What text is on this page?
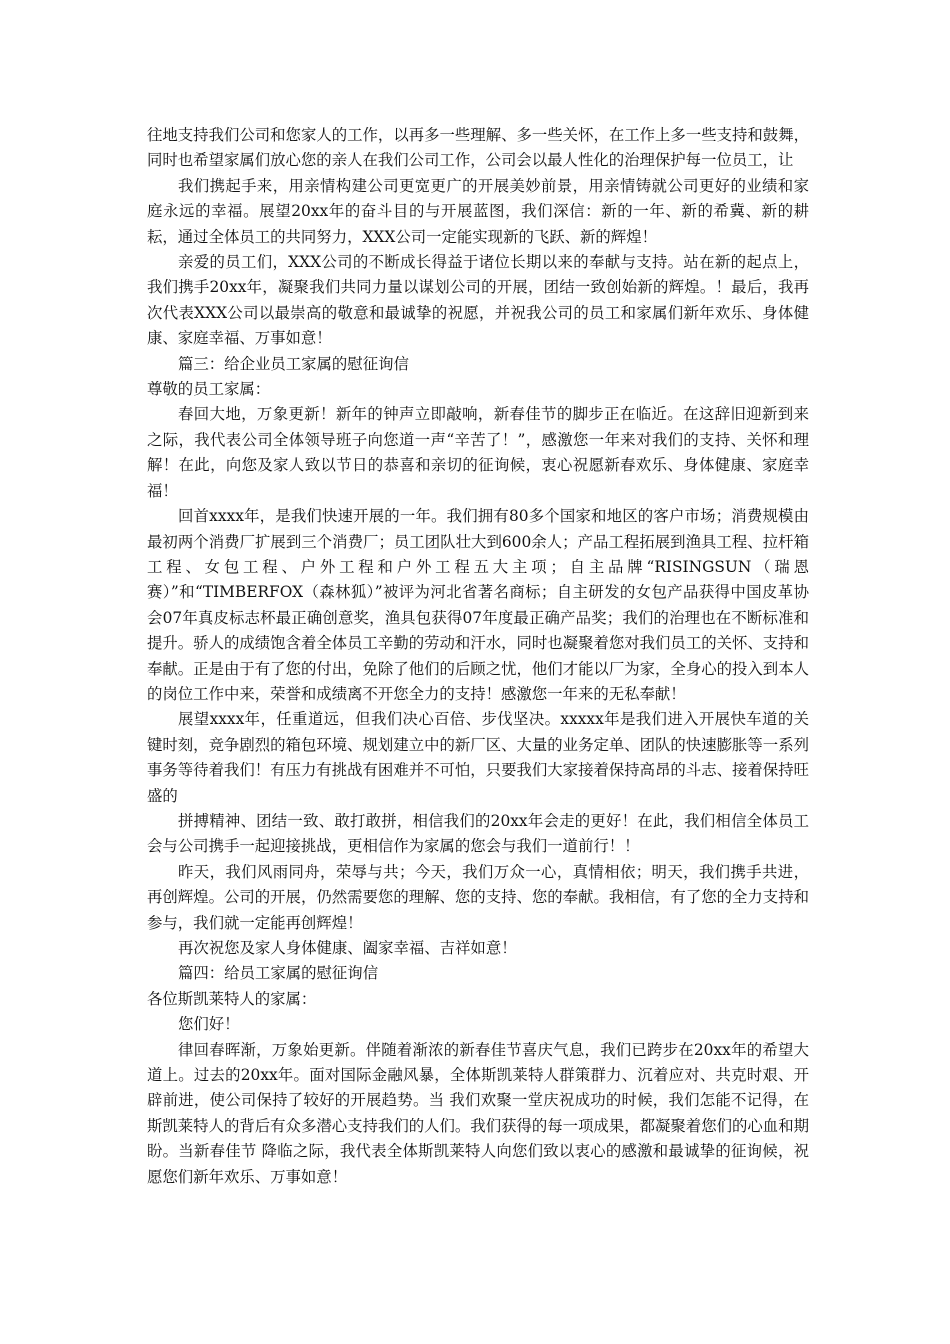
往地支持我们公司和您家人的工作，以再多一些理解、多一些关怀，在工作上多一些支持和鼓舞，同时也希望家属们放心您的亲人在我们公司工作，公司会以最人性化的治理保护每一位员工，让

我们携起手来，用亲情构建公司更宽更广的开展美妙前景，用亲情铸就公司更好的业绩和家庭永远的幸福。展望20xx年的奋斗目的与开展蓝图，我们深信：新的一年、新的希冀、新的耕耘，通过全体员工的共同努力，XXX公司一定能实现新的飞跃、新的辉煌！

亲爱的员工们，XXX公司的不断成长得益于诸位长期以来的奉献与支持。站在新的起点上，我们携手20xx年，凝聚我们共同力量以谋划公司的开展，团结一致创始新的辉煌。！最后，我再次代表XXX公司以最崇高的敬意和最诚挚的祝愿，并祝我公司的员工和家属们新年欢乐、身体健康、家庭幸福、万事如意！

篇三：给企业员工家属的慰征询信

尊敬的员工家属：

春回大地，万象更新！新年的钟声立即敲响，新春佳节的脚步正在临近。在这辞旧迎新到来之际，我代表公司全体领导班子向您道一声“辛苦了！”，感激您一年来对我们的支持、关怀和理解！在此，向您及家人致以节日的恭喜和亲切的征询候，衷心祝愿新春欢乐、身体健康、家庭幸福！

回首xxxx年，是我们快速开展的一年。我们拥有80多个国家和地区的客户市场；消费规模由最初两个消费厂扩展到三个消费厂；员工团队壮大到600余人；产品工程拓展到渔具工程、拉杆箱工程、女包工程、户外工程和户外工程五大主项；自主品牌“RISINGSUN（瑞恩赛）”和“TIMBERFOX（森林狐）”被评为河北省著名商标；自主研发的女包产品获得中国皮革协会07年真皮标志杯最正确创意奖，渔具包获得07年度最正确产品奖；我们的治理也在不断标准和提升。骄人的成绩饱含着全体员工辛勤的劳动和汗水，同时也凝聚着您对我们员工的关怀、支持和奉献。正是由于有了您的付出，免除了他们的后顾之忧，他们才能以厂为家，全身心的投入到本人的岗位工作中来，荣誉和成绩离不开您全力的支持！感激您一年来的无私奉献！

展望xxxx年，任重道远，但我们决心百倍、步伐坚决。xxxxx年是我们进入开展快车道的关键时刻，竞争剧烈的箱包环境、规划建立中的新厂区、大量的业务定单、团队的快速膨胀等一系列事务等待着我们！有压力有挑战有困难并不可怕，只要我们大家接着保持高昂的斗志、接着保持旺盛的

拼搏精神、团结一致、敢打敢拼，相信我们的20xx年会走的更好！在此，我们相信全体员工会与公司携手一起迎接挑战，更相信作为家属的您会与我们一道前行！！

昨天，我们风雨同舟，荣辱与共；今天，我们万众一心，真情相依；明天，我们携手共进，再创辉煌。公司的开展，仍然需要您的理解、您的支持、您的奉献。我相信，有了您的全力支持和参与，我们就一定能再创辉煌！

再次祝您及家人身体健康、阖家幸福、吉祥如意！

篇四：给员工家属的慰征询信

各位斯凯莱特人的家属：

您们好！

律回春晖渐，万象始更新。伴随着渐浓的新春佳节喜庆气息，我们已跨步在20xx年的希望大道上。过去的20xx年。面对国际金融风暴，全体斯凯莱特人群策群力、沉着应对、共克时艰、开辟前进，使公司保持了较好的开展趋势。当 我们欢聚一堂庆祝成功的时候，我们怎能不记得，在斯凯莱特人的背后有众多潜心支持我们的人们。我们获得的每一项成果，都凝聚着您们的心血和期盼。当新春佳节 降临之际，我代表全体斯凯莱特人向您们致以衷心的感激和最诚挚的征询候，祝愿您们新年欢乐、万事如意！
